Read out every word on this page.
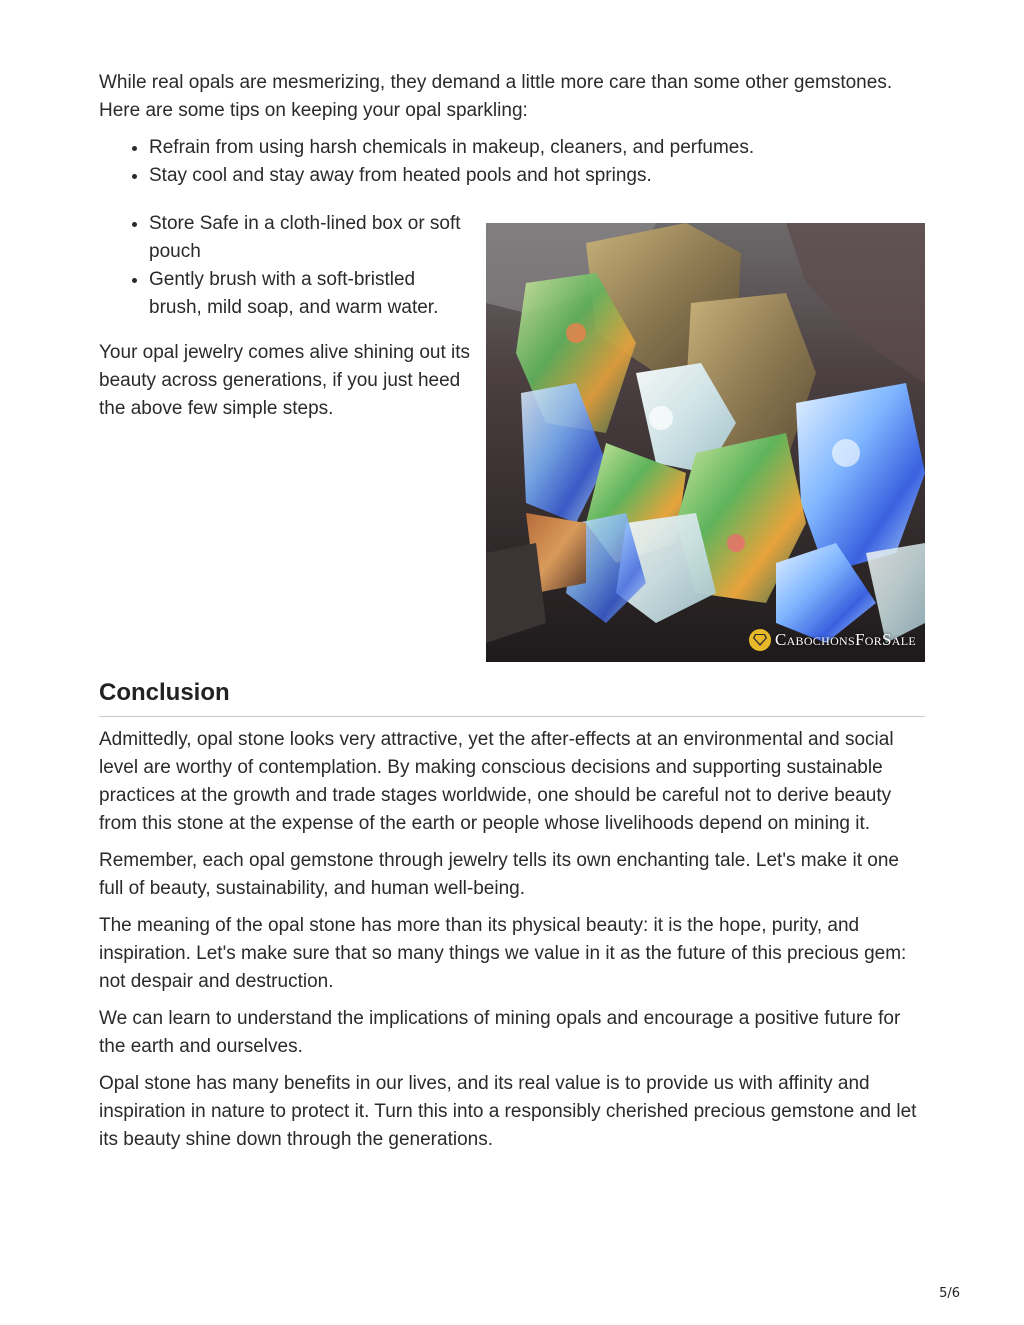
While real opals are mesmerizing, they demand a little more care than some other gemstones. Here are some tips on keeping your opal sparkling:

• Refrain from using harsh chemicals in makeup, cleaners, and perfumes.
• Stay cool and stay away from heated pools and hot springs.
• Store Safe in a cloth-lined box or soft pouch
• Gently brush with a soft-bristled brush, mild soap, and warm water.

Your opal jewelry comes alive shining out its beauty across generations, if you just heed the above few simple steps.

CabochonsForSale
Conclusion

Admittedly, opal stone looks very attractive, yet the after-effects at an environmental and social level are worthy of contemplation. By making conscious decisions and supporting sustainable practices at the growth and trade stages worldwide, one should be careful not to derive beauty from this stone at the expense of the earth or people whose livelihoods depend on mining it.

Remember, each opal gemstone through jewelry tells its own enchanting tale. Let's make it one full of beauty, sustainability, and human well-being.

The meaning of the opal stone has more than its physical beauty: it is the hope, purity, and inspiration. Let's make sure that so many things we value in it as the future of this precious gem: not despair and destruction.

We can learn to understand the implications of mining opals and encourage a positive future for the earth and ourselves.

Opal stone has many benefits in our lives, and its real value is to provide us with affinity and inspiration in nature to protect it. Turn this into a responsibly cherished precious gemstone and let its beauty shine down through the generations.

5/6
